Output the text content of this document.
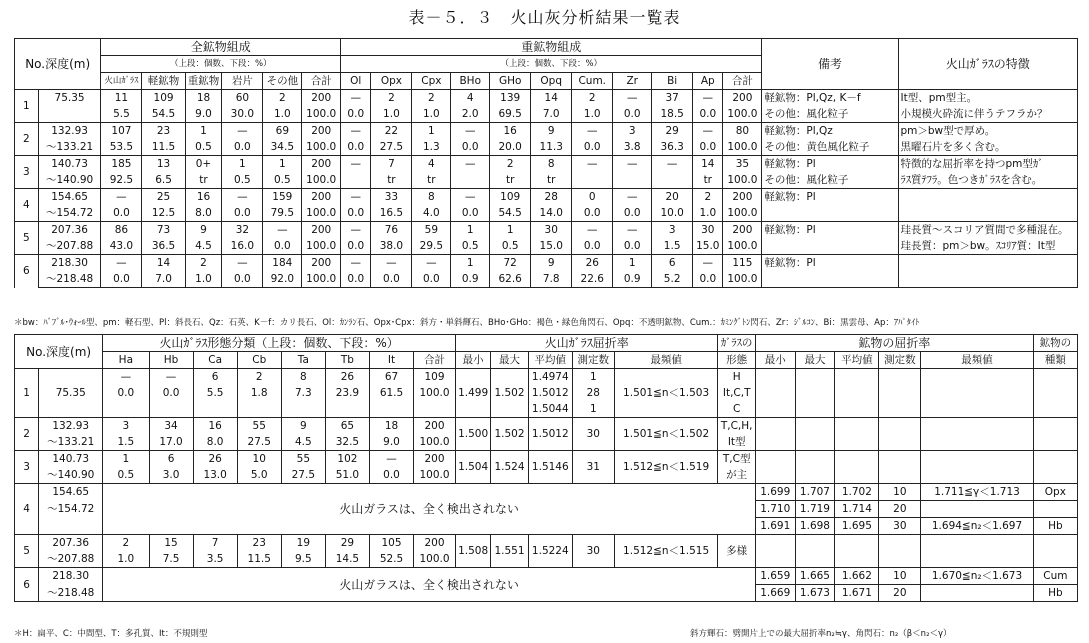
表－５．３　火山灰分析結果一覧表
No.深度(m)		全鉱物組成						重鉱物組成											備考	火山ｶﾞﾗｽの特徴
		（上段：個数、下段：%）						（上段：個数、下段：%）												
		火山ｶﾞﾗｽ	軽鉱物	重鉱物	岩片	その他	合計	Ol	Opx	Cpx	BHo	GHo	Opq	Cum.	Zr	Bi	Ap	合計		
1	75.35	11	109	18	60	2	200	—	2	2	4	139	14	2	—	37	—	200	軽鉱物：Pl,Qz, K－f	It型、pm型主。
		5.5	54.5	9.0	30.0	1.0	100.0	0.0	1.0	1.0	2.0	69.5	7.0	1.0	0.0	18.5	0.0	100.0	その他：風化粒子	小規模火砕流に伴うテフラか？
2	132.93	107	23	1	—	69	200	—	22	1	—	16	9	—	3	29	—	80	軽鉱物：Pl,Qz	pm＞bw型で厚め。
	～133.21	53.5	11.5	0.5	0.0	34.5	100.0	0.0	27.5	1.3	0.0	20.0	11.3	0.0	3.8	36.3	0.0	100.0	その他：黄色風化粒子	黒曜石片を多く含む。
3	140.73	185	13	0+	1	1	200	—	7	4	—	2	8	—	—	—	14	35	軽鉱物：Pl	特徴的な屈折率を持つpm型ｶﾞ
	～140.90	92.5	6.5	tr	0.5	0.5	100.0		tr	tr		tr	tr				tr	100.0	その他：風化粒子	ﾗｽ質ﾃﾌﾗ。色つきｶﾞﾗｽを含む。
4	154.65	—	25	16	—	159	200	—	33	8	—	109	28	0	—	20	2	200	軽鉱物：Pl	
	～154.72	0.0	12.5	8.0	0.0	79.5	100.0	0.0	16.5	4.0	0.0	54.5	14.0	0.0	0.0	10.0	1.0	100.0		
5	207.36	86	73	9	32	—	200	—	76	59	1	1	30	—	—	3	30	200	軽鉱物：Pl	珪長質～スコリア質間で多種混在。
	～207.88	43.0	36.5	4.5	16.0	0.0	100.0	0.0	38.0	29.5	0.5	0.5	15.0	0.0	0.0	1.5	15.0	100.0		珪長質：pm＞bw。ｽｺﾘｱ質：It型
6	218.30	—	14	2	—	184	200	—	—	—	1	72	9	26	1	6	—	115	軽鉱物：Pl	
	～218.48	0.0	7.0	1.0	0.0	92.0	100.0	0.0	0.0	0.0	0.9	62.6	7.8	22.6	0.9	5.2	0.0	100.0		
＊bw：ﾊﾞﾌﾞﾙ･ｳｫｰﾙ型、pm：軽石型、Pl：斜長石、Qz：石英、K－f：カリ長石、Ol：ｶﾝﾗﾝ石、Opx･Cpx：斜方・単斜輝石、BHo･GHo：褐色・緑色角閃石、Opq：不透明鉱物、Cum.：ｶﾐﾝｸﾞﾄﾝ閃石、Zr：ｼﾞﾙｺﾝ、Bi：黒雲母、Ap：ｱﾊﾟﾀｲﾄ
No.深度(m)		火山ｶﾞﾗｽ形態分類（上段：個数、下段：%）								火山ｶﾞﾗｽ屈折率					ｶﾞﾗｽの	鉱物の屈折率					鉱物の
		Ha	Hb	Ca	Cb	Ta	Tb	It	合計	最小	最大	平均値	測定数	最頻値	形態	最小	最大	平均値	測定数	最頻値	種類
1	75.35	—	—	6	2	8	26	67	109			1.4974	1		H						
		0.0	0.0	5.5	1.8	7.3	23.9	61.5	100.0	1.499	1.502	1.5012	28	1.501≦n＜1.503	It,C,T						
												1.5044	1		C						
2	132.93	3	34	16	55	9	65	18	200	1.500	1.502	1.5012	30	1.501≦n＜1.502	T,C,H,						
	～133.21	1.5	17.0	8.0	27.5	4.5	32.5	9.0	100.0						It型						
3	140.73	1	6	26	10	55	102	—	200	1.504	1.524	1.5146	31	1.512≦n＜1.519	T,C型						
	～140.90	0.5	3.0	13.0	5.0	27.5	51.0	0.0	100.0						が主						
4	154.65	火山ガラスは、全く検出されない														1.699	1.707	1.702	10	1.711≦γ＜1.713	Opx
	～154.72															1.710	1.719	1.714	20		
																1.691	1.698	1.695	30	1.694≦n₂＜1.697	Hb
5	207.36	2	15	7	23	19	29	105	200	1.508	1.551	1.5224	30	1.512≦n＜1.515	多様						
	～207.88	1.0	7.5	3.5	11.5	9.5	14.5	52.5	100.0												
6	218.30	火山ガラスは、全く検出されない														1.659	1.665	1.662	10	1.670≦n₂＜1.673	Cum
	～218.48															1.669	1.673	1.671	20		Hb
＊H：扁平、C：中間型、T：多孔質、It：不規則型	斜方輝石：劈開片上での最大屈折率n₂≒γ、角閃石：n₂（β＜n₂＜γ）
